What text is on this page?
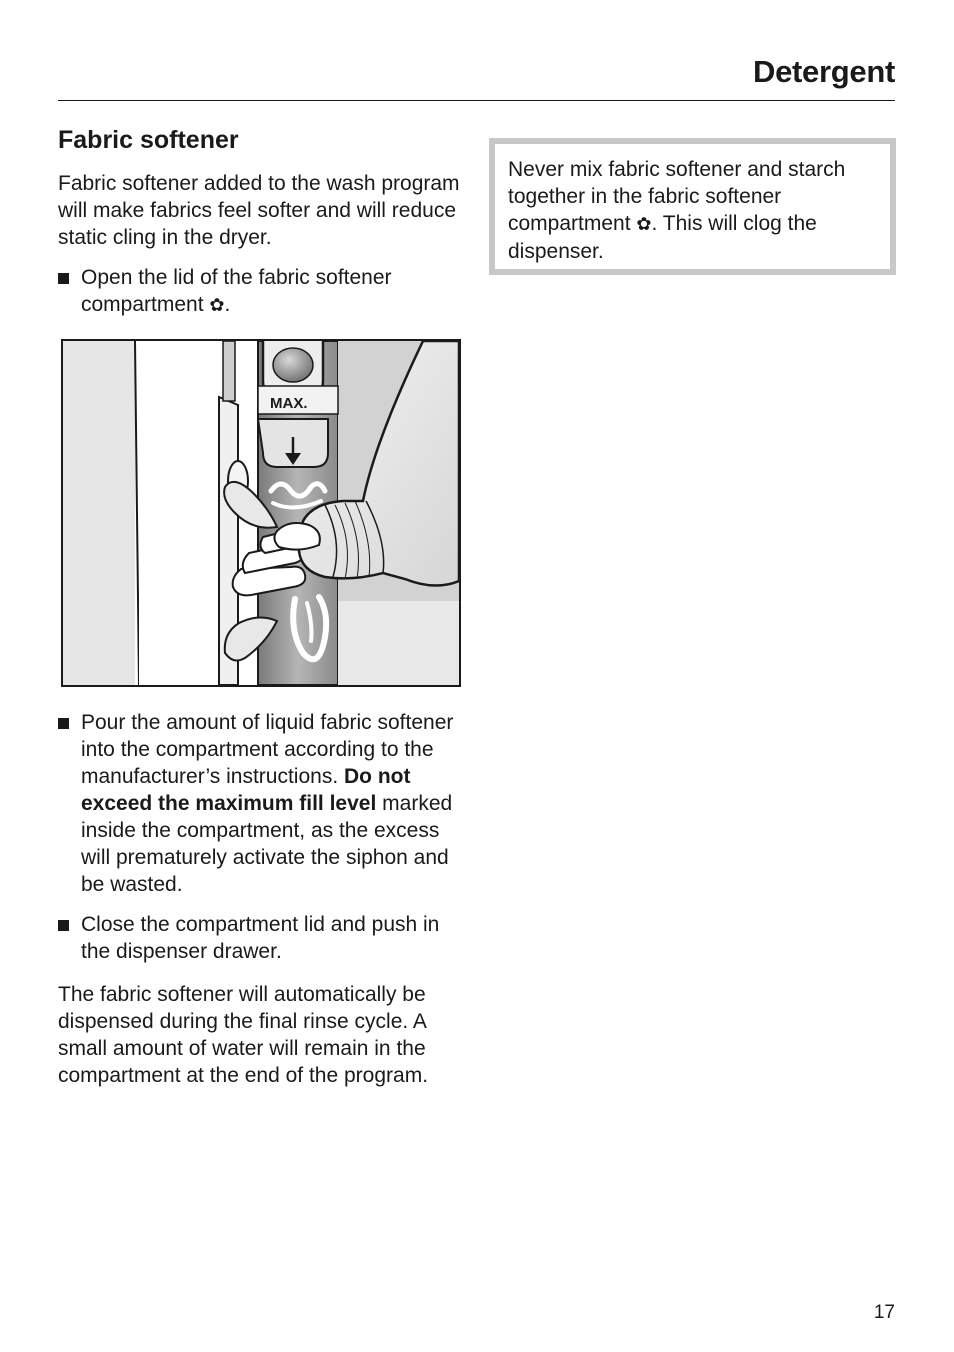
Detergent
Fabric softener

Fabric softener added to the wash program will make fabrics feel softer and will reduce static cling in the dryer.

Open the lid of the fabric softener compartment ✿.
MAX.
Pour the amount of liquid fabric softener into the compartment according to the manufacturer’s instructions. Do not exceed the maximum fill level marked inside the compartment, as the excess will prematurely activate the siphon and be wasted.
Close the compartment lid and push in the dispenser drawer.

The fabric softener will automatically be dispensed during the final rinse cycle. A small amount of water will remain in the compartment at the end of the program.

Never mix fabric softener and starch together in the fabric softener compartment ✿. This will clog the dispenser.

17
